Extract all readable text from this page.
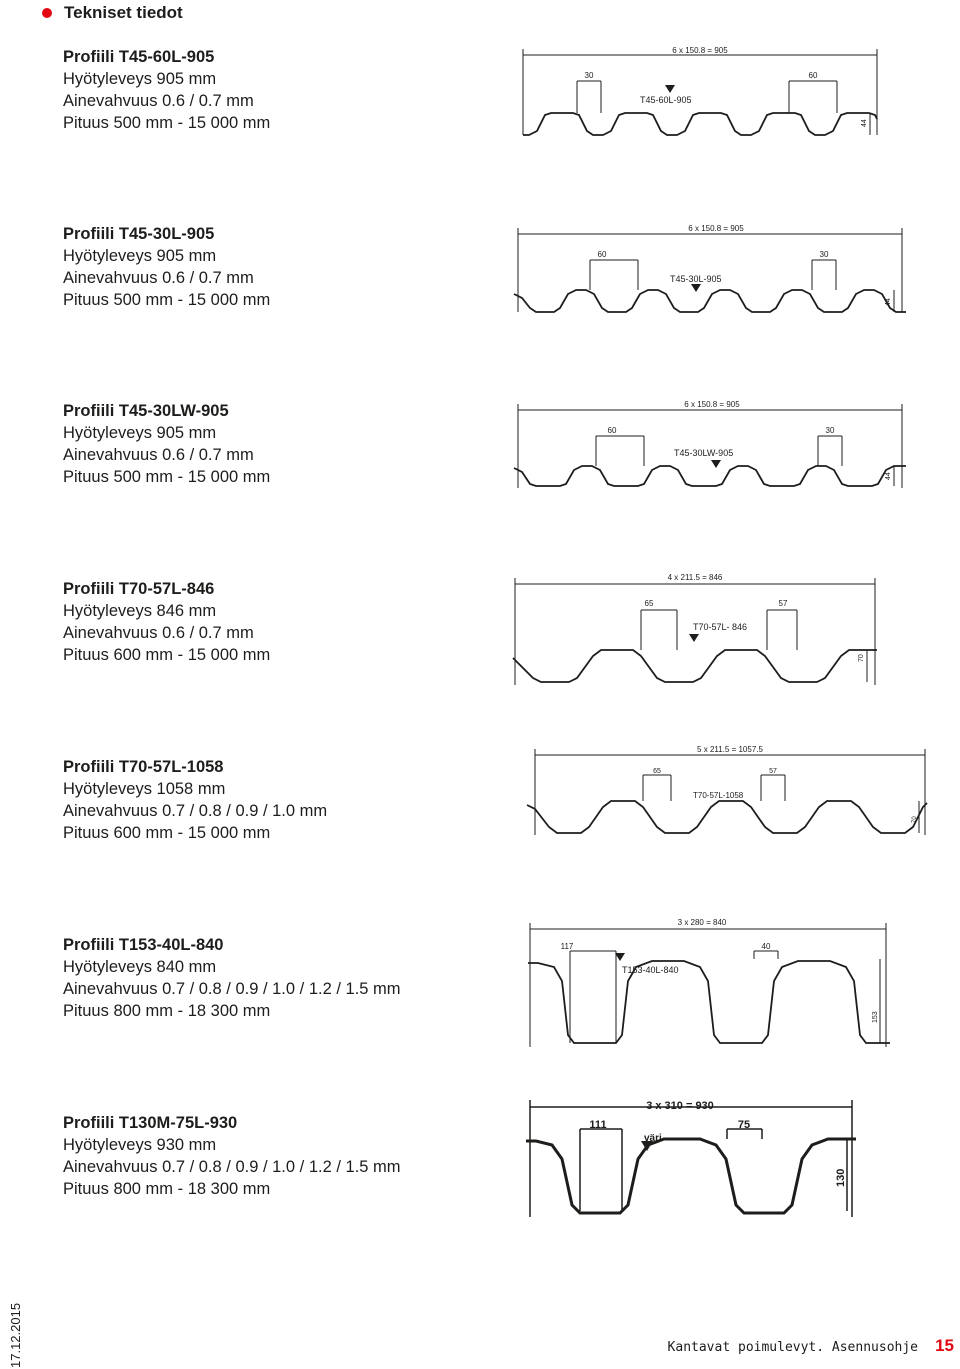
Tekniset tiedot
Profiili T45-60L-905
Hyötyleveys 905 mm
Ainevahvuus 0.6 / 0.7 mm
Pituus 500 mm - 15 000 mm
6 x 150.8 = 905
30	60
T45-60L-905
44
Profiili T45-30L-905
Hyötyleveys 905 mm
Ainevahvuus 0.6 / 0.7 mm
Pituus 500 mm - 15 000 mm
6 x 150.8 = 905
60	30
T45-30L-905
44
Profiili T45-30LW-905
Hyötyleveys 905 mm
Ainevahvuus 0.6 / 0.7 mm
Pituus 500 mm - 15 000 mm
6 x 150.8 = 905
60	30
T45-30LW-905
44
Profiili T70-57L-846
Hyötyleveys 846 mm
Ainevahvuus 0.6 / 0.7 mm
Pituus 600 mm - 15 000 mm
4 x 211.5 = 846
65	57
T70-57L- 846
70
Profiili T70-57L-1058
Hyötyleveys 1058 mm
Ainevahvuus 0.7 / 0.8 / 0.9 / 1.0 mm
Pituus 600 mm - 15 000 mm
5 x 211.5 = 1057.5
65	57
T70-57L-1058
70
Profiili T153-40L-840
Hyötyleveys 840 mm
Ainevahvuus 0.7 / 0.8 / 0.9 / 1.0 / 1.2 / 1.5 mm
Pituus 800 mm - 18 300 mm
3 x 280 = 840
117	40
T153-40L-840
153
Profiili T130M-75L-930
Hyötyleveys 930 mm
Ainevahvuus 0.7 / 0.8 / 0.9 / 1.0 / 1.2 / 1.5 mm
Pituus 800 mm - 18 300 mm
3 x 310 = 930
111	75
väri
130
17.12.2015	Kantavat poimulevyt. Asennusohje 15
